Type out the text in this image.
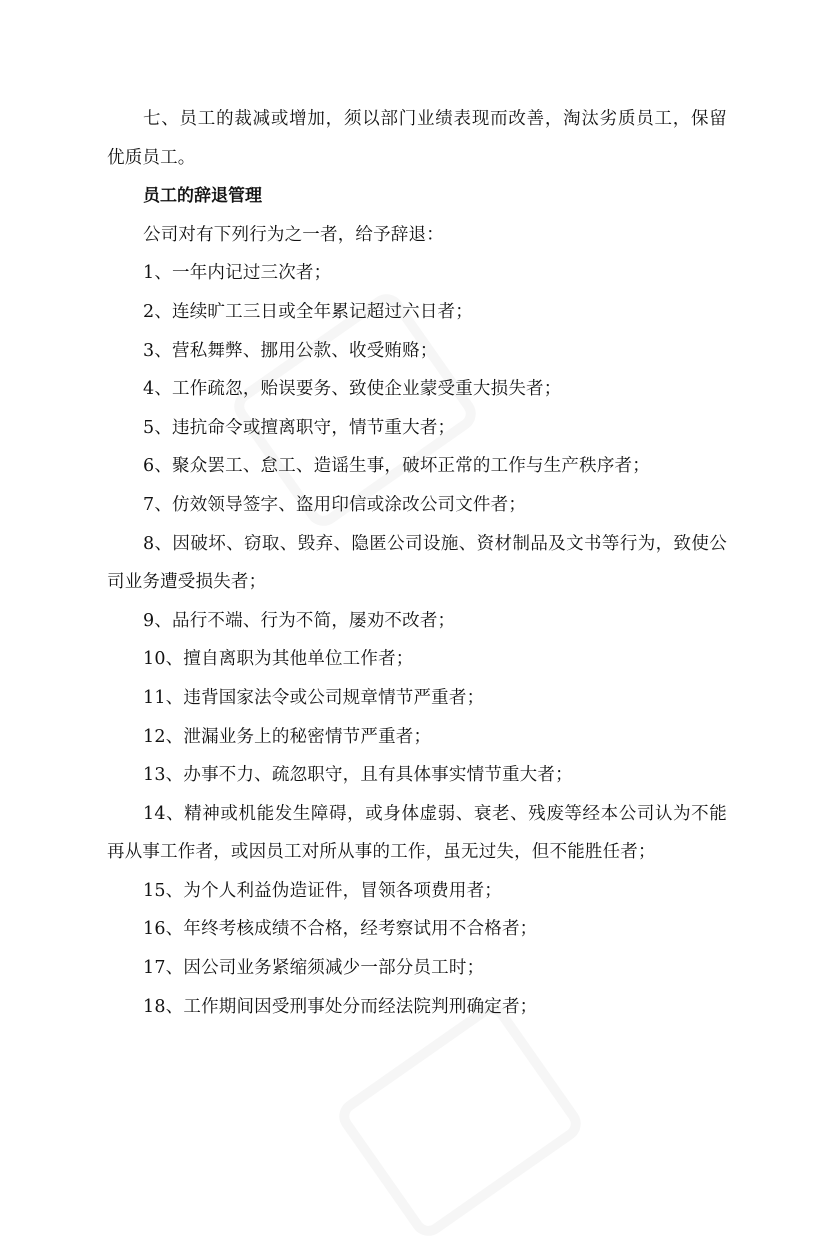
七、员工的裁减或增加，须以部门业绩表现而改善，淘汰劣质员工，保留优质员工。

员工的辞退管理

公司对有下列行为之一者，给予辞退：

1、一年内记过三次者；

2、连续旷工三日或全年累记超过六日者；

3、营私舞弊、挪用公款、收受贿赂；

4、工作疏忽，贻误要务、致使企业蒙受重大损失者；

5、违抗命令或擅离职守，情节重大者；

6、聚众罢工、怠工、造谣生事，破坏正常的工作与生产秩序者；

7、仿效领导签字、盗用印信或涂改公司文件者；

8、因破坏、窃取、毁弃、隐匿公司设施、资材制品及文书等行为，致使公司业务遭受损失者；

9、品行不端、行为不简，屡劝不改者；

10、擅自离职为其他单位工作者；

11、违背国家法令或公司规章情节严重者；

12、泄漏业务上的秘密情节严重者；

13、办事不力、疏忽职守，且有具体事实情节重大者；

14、精神或机能发生障碍，或身体虚弱、衰老、残废等经本公司认为不能再从事工作者，或因员工对所从事的工作，虽无过失，但不能胜任者；

15、为个人利益伪造证件，冒领各项费用者；

16、年终考核成绩不合格，经考察试用不合格者；

17、因公司业务紧缩须减少一部分员工时；

18、工作期间因受刑事处分而经法院判刑确定者；
